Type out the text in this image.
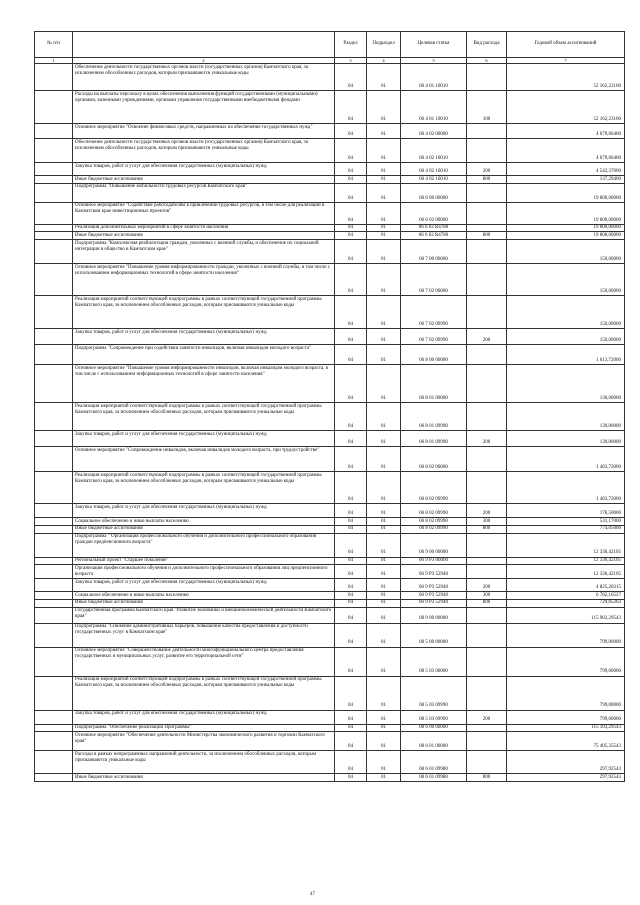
№ п/п		Раздел	Подраздел	Целевая статья	Вид расхода	Годовой объем ассигнований
1	2	3	4	5	6	7
	Обеспечение деятельности государственных органов власти (государственных органов) Камчатского края, за исключением обособленных расходов, которым присваиваются уникальные коды	04	01	06 4 01 10010		52 162,23100
	Расходы на выплаты персоналу в целях обеспечения выполнения функций государственными (муниципальными) органами, казенными учреждениями, органами управления государственными внебюджетными фондами	04	01	06 4 01 10010	100	52 162,23100
	Основное мероприятие "Освоение финансовых средств, направленных на обеспечение государственных нужд"	04	01	06 4 02 00000		4 679,66400
	Обеспечение деятельности государственных органов власти (государственных органов) Камчатского края, за исключением обособленных расходов, которым присваиваются уникальные коды	04	01	06 4 02 10010		4 679,66400
	Закупка товаров, работ и услуг для обеспечения государственных (муниципальных) нужд	04	01	06 4 02 10010	200	4 542,37000
	Иные бюджетные ассигнования	04	01	06 4 02 10010	800	137,29400
	Подпрограмма "Повышение мобильности трудовых ресурсов Камчатского края"	04	01	06 6 00 00000		19 800,00000
	Основное мероприятие "Содействие работодателям в привлечении трудовых ресурсов, в том числе для реализации в Камчатском крае инвестиционных проектов"	04	01	06 6 02 00000		19 800,00000
	Реализация дополнительных мероприятий в сфере занятости населения	04	01	06 6 02 R4780		19 800,00000
	Иные бюджетные ассигнования	04	01	06 6 02 R4780	800	19 800,00000
	Подпрограмма "Комплексная реабилитация граждан, уволенных с военной службы, и обеспечение их социальной интеграции в общество в Камчатском крае"	04	01	06 7 00 00000		150,00000
	Основное мероприятие "Повышение уровня информированности граждан, уволенных с военной службы, в том числе с использованием информационных технологий в сфере занятости населения"	04	01	06 7 02 00000		150,00000
	Реализация мероприятий соответствующей подпрограммы в рамках соответствующей государственной программы Камчатского края, за исключением обособленных расходов, которым присваиваются уникальные коды	04	01	06 7 02 09990		150,00000
	Закупка товаров, работ и услуг для обеспечения государственных (муниципальных) нужд	04	01	06 7 02 09990	200	150,00000
	Подпрограмма "Сопровождение при содействии занятости инвалидов, включая инвалидов молодого возраста"	04	01	06 8 00 00000		1 613,72000
	Основное мероприятие "Повышение уровня информированности инвалидов, включая инвалидов молодого возраста, в том числе с использованием информационных технологий в сфере занятости населения"	04	01	06 8 01 00000		130,00000
	Реализация мероприятий соответствующей подпрограммы в рамках соответствующей государственной программы Камчатского края, за исключением обособленных расходов, которым присваиваются уникальные коды	04	01	06 8 01 09990		130,00000
	Закупка товаров, работ и услуг для обеспечения государственных (муниципальных) нужд	04	01	06 8 01 09990	200	130,00000
	Основное мероприятие "Сопровождение инвалидов, включая инвалидов молодого возраста, при трудоустройстве"	04	01	06 8 02 00000		1 483,72000
	Реализация мероприятий соответствующей подпрограммы в рамках соответствующей государственной программы Камчатского края, за исключением обособленных расходов, которым присваиваются уникальные коды	04	01	06 8 02 09990		1 483,72000
	Закупка товаров, работ и услуг для обеспечения государственных (муниципальных) нужд	04	01	06 8 02 09990	200	178,50000
	Социальное обеспечение и иные выплаты населению	04	01	06 8 02 09990	300	531,17000
	Иные бюджетные ассигнования	04	01	06 8 02 09990	800	774,05000
	Подпрограмма " Организация профессионального обучения и дополнительного профессионального образования граждан предпенсионного возраста"	04	01	06 9 00 00000		12 336,42105
	Региональный проект "Старшее поколение"	04	01	06 9 P3 00000		12 336,42105
	Организация профессионального обучения и дополнительного профессионального образования лиц предпенсионного возраста	04	01	06 9 P3 52940		12 336,42105
	Закупка товаров, работ и услуг для обеспечения государственных (муниципальных) нужд	04	01	06 9 P3 52940	200	4 825,20315
	Социальное обеспечение и иные выплаты населению	04	01	06 9 P3 52940	300	6 782,16527
	Иные бюджетные ассигнования	04	01	06 9 P3 52940	800	729,05263
	Государственная программа Камчатского края "Развитие экономики и внешнеэкономической деятельности Камчатского края"	04	01	08 0 00 00000		115 902,29543
	Подпрограмма "Снижение административных барьеров, повышение качества предоставления и доступности государственных услуг в Камчатском крае"	04	01	08 5 00 00000		799,00000
	Основное мероприятие "Совершенствование деятельности многофункционального центра предоставления государственных и муниципальных услуг, развитие его территориальной сети"	04	01	08 5 03 00000		799,00000
	Реализация мероприятий соответствующей подпрограммы в рамках соответствующей государственной программы Камчатского края, за исключением обособленных расходов, которым присваиваются уникальные коды	04	01	08 5 03 09990		799,00000
	Закупка товаров, работ и услуг для обеспечения государственных (муниципальных) нужд	04	01	08 5 03 09990	200	799,00000
	Подпрограмма "Обеспечение реализации Программы"	04	01	08 6 00 00000		115 103,29543
	Основное мероприятие "Обеспечение деятельности Министерства экономического развития и торговли Камчатского края"	04	01	08 6 01 00000		75 405,35543
	Расходы в рамках непрограммных направлений деятельности, за исключением обособленных расходов, которым присваиваются уникальные коды	04	01	08 6 01 09980		297,92543
	Иные бюджетные ассигнования	04	01	08 6 01 09980	800	297,92543
47
